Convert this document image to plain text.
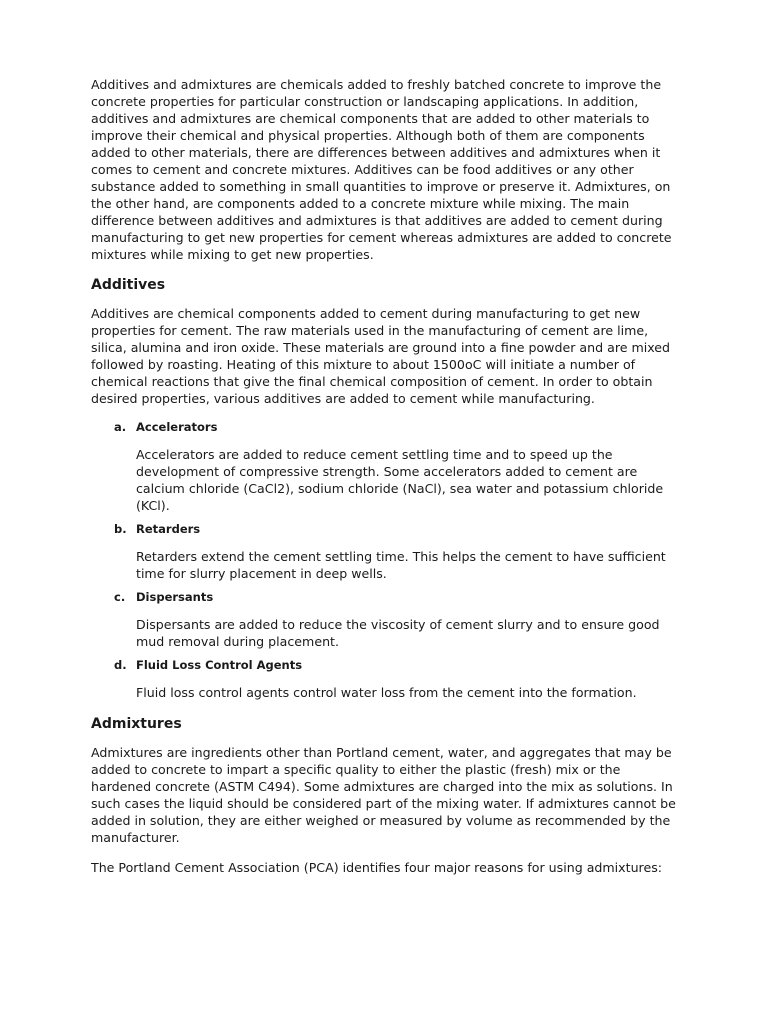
Additives and admixtures are chemicals added to freshly batched concrete to improve the concrete properties for particular construction or landscaping applications. In addition, additives and admixtures are chemical components that are added to other materials to improve their chemical and physical properties. Although both of them are components added to other materials, there are differences between additives and admixtures when it comes to cement and concrete mixtures. Additives can be food additives or any other substance added to something in small quantities to improve or preserve it. Admixtures, on the other hand, are components added to a concrete mixture while mixing. The main difference between additives and admixtures is that additives are added to cement during manufacturing to get new properties for cement whereas admixtures are added to concrete mixtures while mixing to get new properties.

Additives

Additives are chemical components added to cement during manufacturing to get new properties for cement. The raw materials used in the manufacturing of cement are lime, silica, alumina and iron oxide. These materials are ground into a fine powder and are mixed followed by roasting. Heating of this mixture to about 1500oC will initiate a number of chemical reactions that give the final chemical composition of cement. In order to obtain desired properties, various additives are added to cement while manufacturing.

a. Accelerators
Accelerators are added to reduce cement settling time and to speed up the development of compressive strength. Some accelerators added to cement are calcium chloride (CaCl2), sodium chloride (NaCl), sea water and potassium chloride (KCl).
b. Retarders
Retarders extend the cement settling time. This helps the cement to have sufficient time for slurry placement in deep wells.
c. Dispersants
Dispersants are added to reduce the viscosity of cement slurry and to ensure good mud removal during placement.
d. Fluid Loss Control Agents
Fluid loss control agents control water loss from the cement into the formation.
Admixtures

Admixtures are ingredients other than Portland cement, water, and aggregates that may be added to concrete to impart a specific quality to either the plastic (fresh) mix or the hardened concrete (ASTM C494). Some admixtures are charged into the mix as solutions. In such cases the liquid should be considered part of the mixing water. If admixtures cannot be added in solution, they are either weighed or measured by volume as recommended by the manufacturer.

The Portland Cement Association (PCA) identifies four major reasons for using admixtures:
